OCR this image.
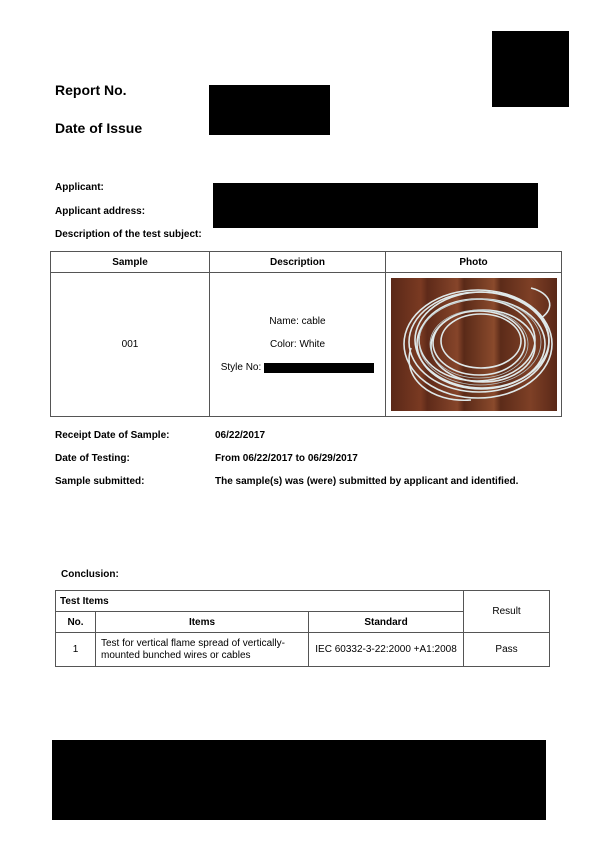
Report No.
Date of Issue
Applicant:
Applicant address:
Description of the test subject:
Sample	Description	Photo
001	Name: cable
Color: White
Style No:

Receipt Date of Sample:	06/22/2017
Date of Testing:	From 06/22/2017 to 06/29/2017
Sample submitted:	The sample(s) was (were) submitted by applicant and identified.
Conclusion:
Test Items			Result
No.	Items	Standard	
1	Test for vertical flame spread of vertically-mounted bunched wires or cables	IEC 60332-3-22:2000 +A1:2008	Pass
